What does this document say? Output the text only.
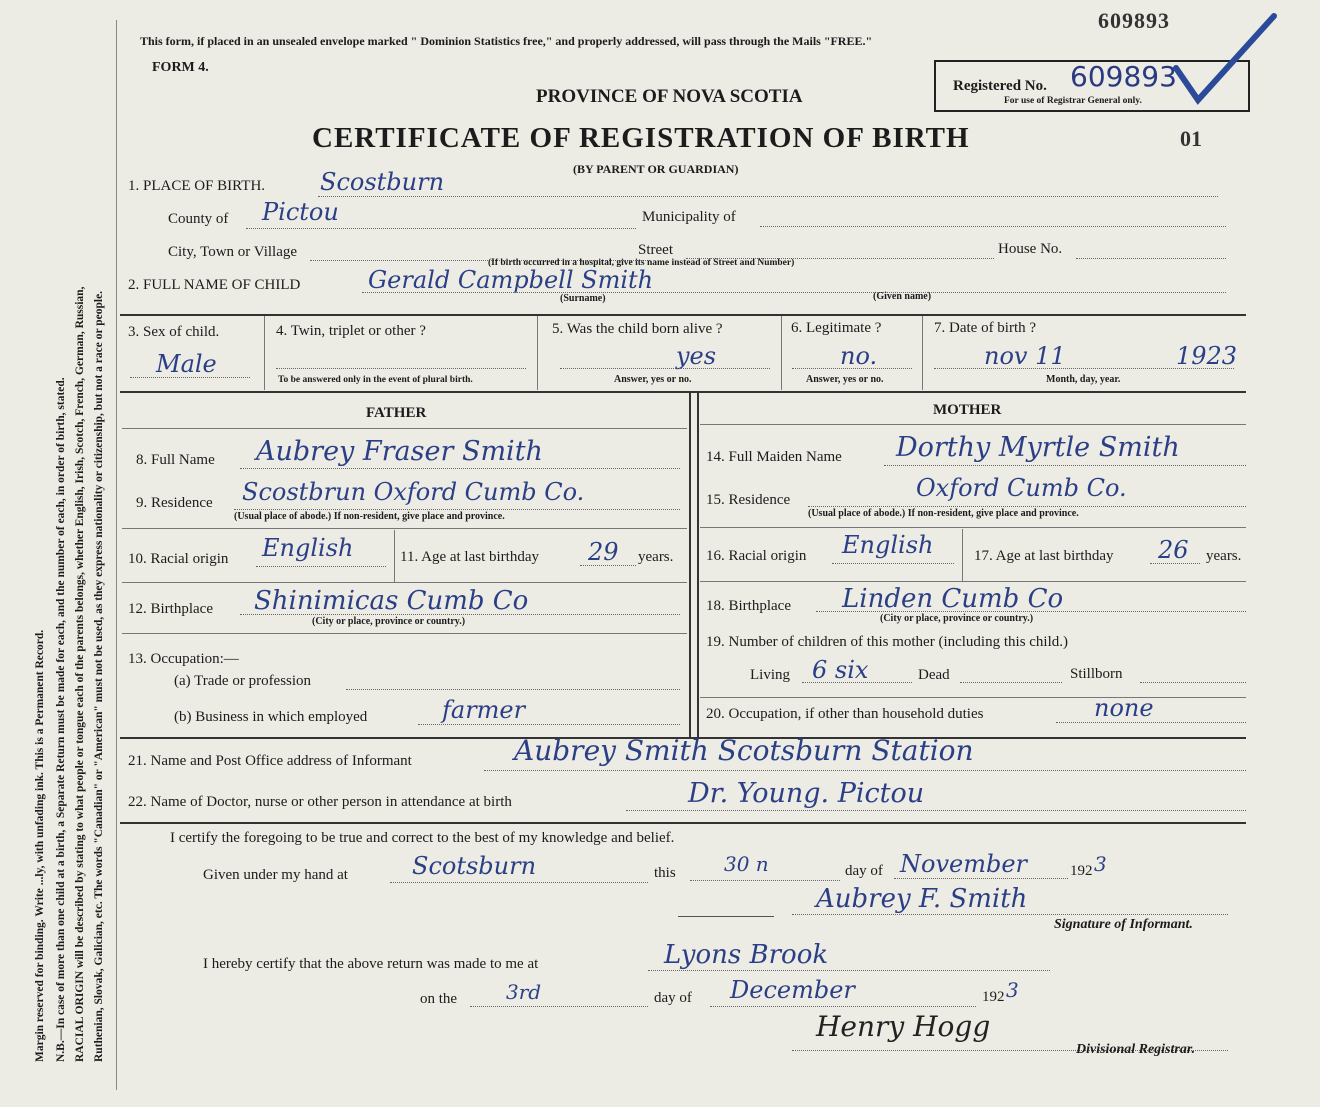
Margin reserved for binding. Write ...ly, with unfading ink. This is a Permanent Record. N.B.—In case of more than one child at a birth, a Separate Return must be made for each, and the number of each, in order of birth, stated. RACIAL ORIGIN will be described by stating to what people or tongue each of the parents belongs, whether English, Irish, Scotch, French, German, Russian, Ruthenian, Slovak, Galician, etc. The words "Canadian" or "American" must not be used, as they express nationality or citizenship, but not a race or people.
This form, if placed in an unsealed envelope marked " Dominion Statistics free," and properly addressed, will pass through the Mails "FREE."
609893
FORM 4.
PROVINCE OF NOVA SCOTIA	Registered No. 609893
For use of Registrar General only.
CERTIFICATE OF REGISTRATION OF BIRTH	01
(BY PARENT OR GUARDIAN)
1. PLACE OF BIRTH. Scostburn
County of Pictou	Municipality of
City, Town or Village	Street	House No.
(If birth occurred in a hospital, give its name instead of Street and Number)
2. FULL NAME OF CHILD	Gerald Campbell Smith
(Surname)	(Given name)
3. Sex of child.
Male
4. Twin, triplet or other ?
To be answered only in the event of plural birth.
5. Was the child born alive ?
yes
Answer, yes or no.
6. Legitimate ?
no.
Answer, yes or no.
7. Date of birth ?
nov 11	1923
Month, day, year.
FATHER	MOTHER
8. Full Name Aubrey Fraser Smith
9. Residence Scostbrun Oxford Cumb Co.
(Usual place of abode.) If non-resident, give place and province.
10. Racial origin English	11. Age at last birthday 29 years.
12. Birthplace Shinimicas Cumb Co
(City or place, province or country.)
13. Occupation:—
(a) Trade or profession
(b) Business in which employed	farmer
14. Full Maiden Name Dorthy Myrtle Smith
15. Residence	Oxford Cumb Co.
(Usual place of abode.) If non-resident, give place and province.
16. Racial origin English	17. Age at last birthday 26 years.
18. Birthplace Linden Cumb Co
(City or place, province or country.)
19. Number of children of this mother (including this child.)
Living 6 six	Dead	Stillborn
20. Occupation, if other than household duties	none
21. Name and Post Office address of Informant	Aubrey Smith Scotsburn Station
22. Name of Doctor, nurse or other person in attendance at birth	Dr. Young. Pictou
I certify the foregoing to be true and correct to the best of my knowledge and belief.
Given under my hand at	Scotsburn	this 30 n	day of November	192 3
Aubrey F. Smith
Signature of Informant.
I hereby certify that the above return was made to me at	Lyons Brook
on the 3rd	day of December	192 3
Henry Hogg
Divisional Registrar.
